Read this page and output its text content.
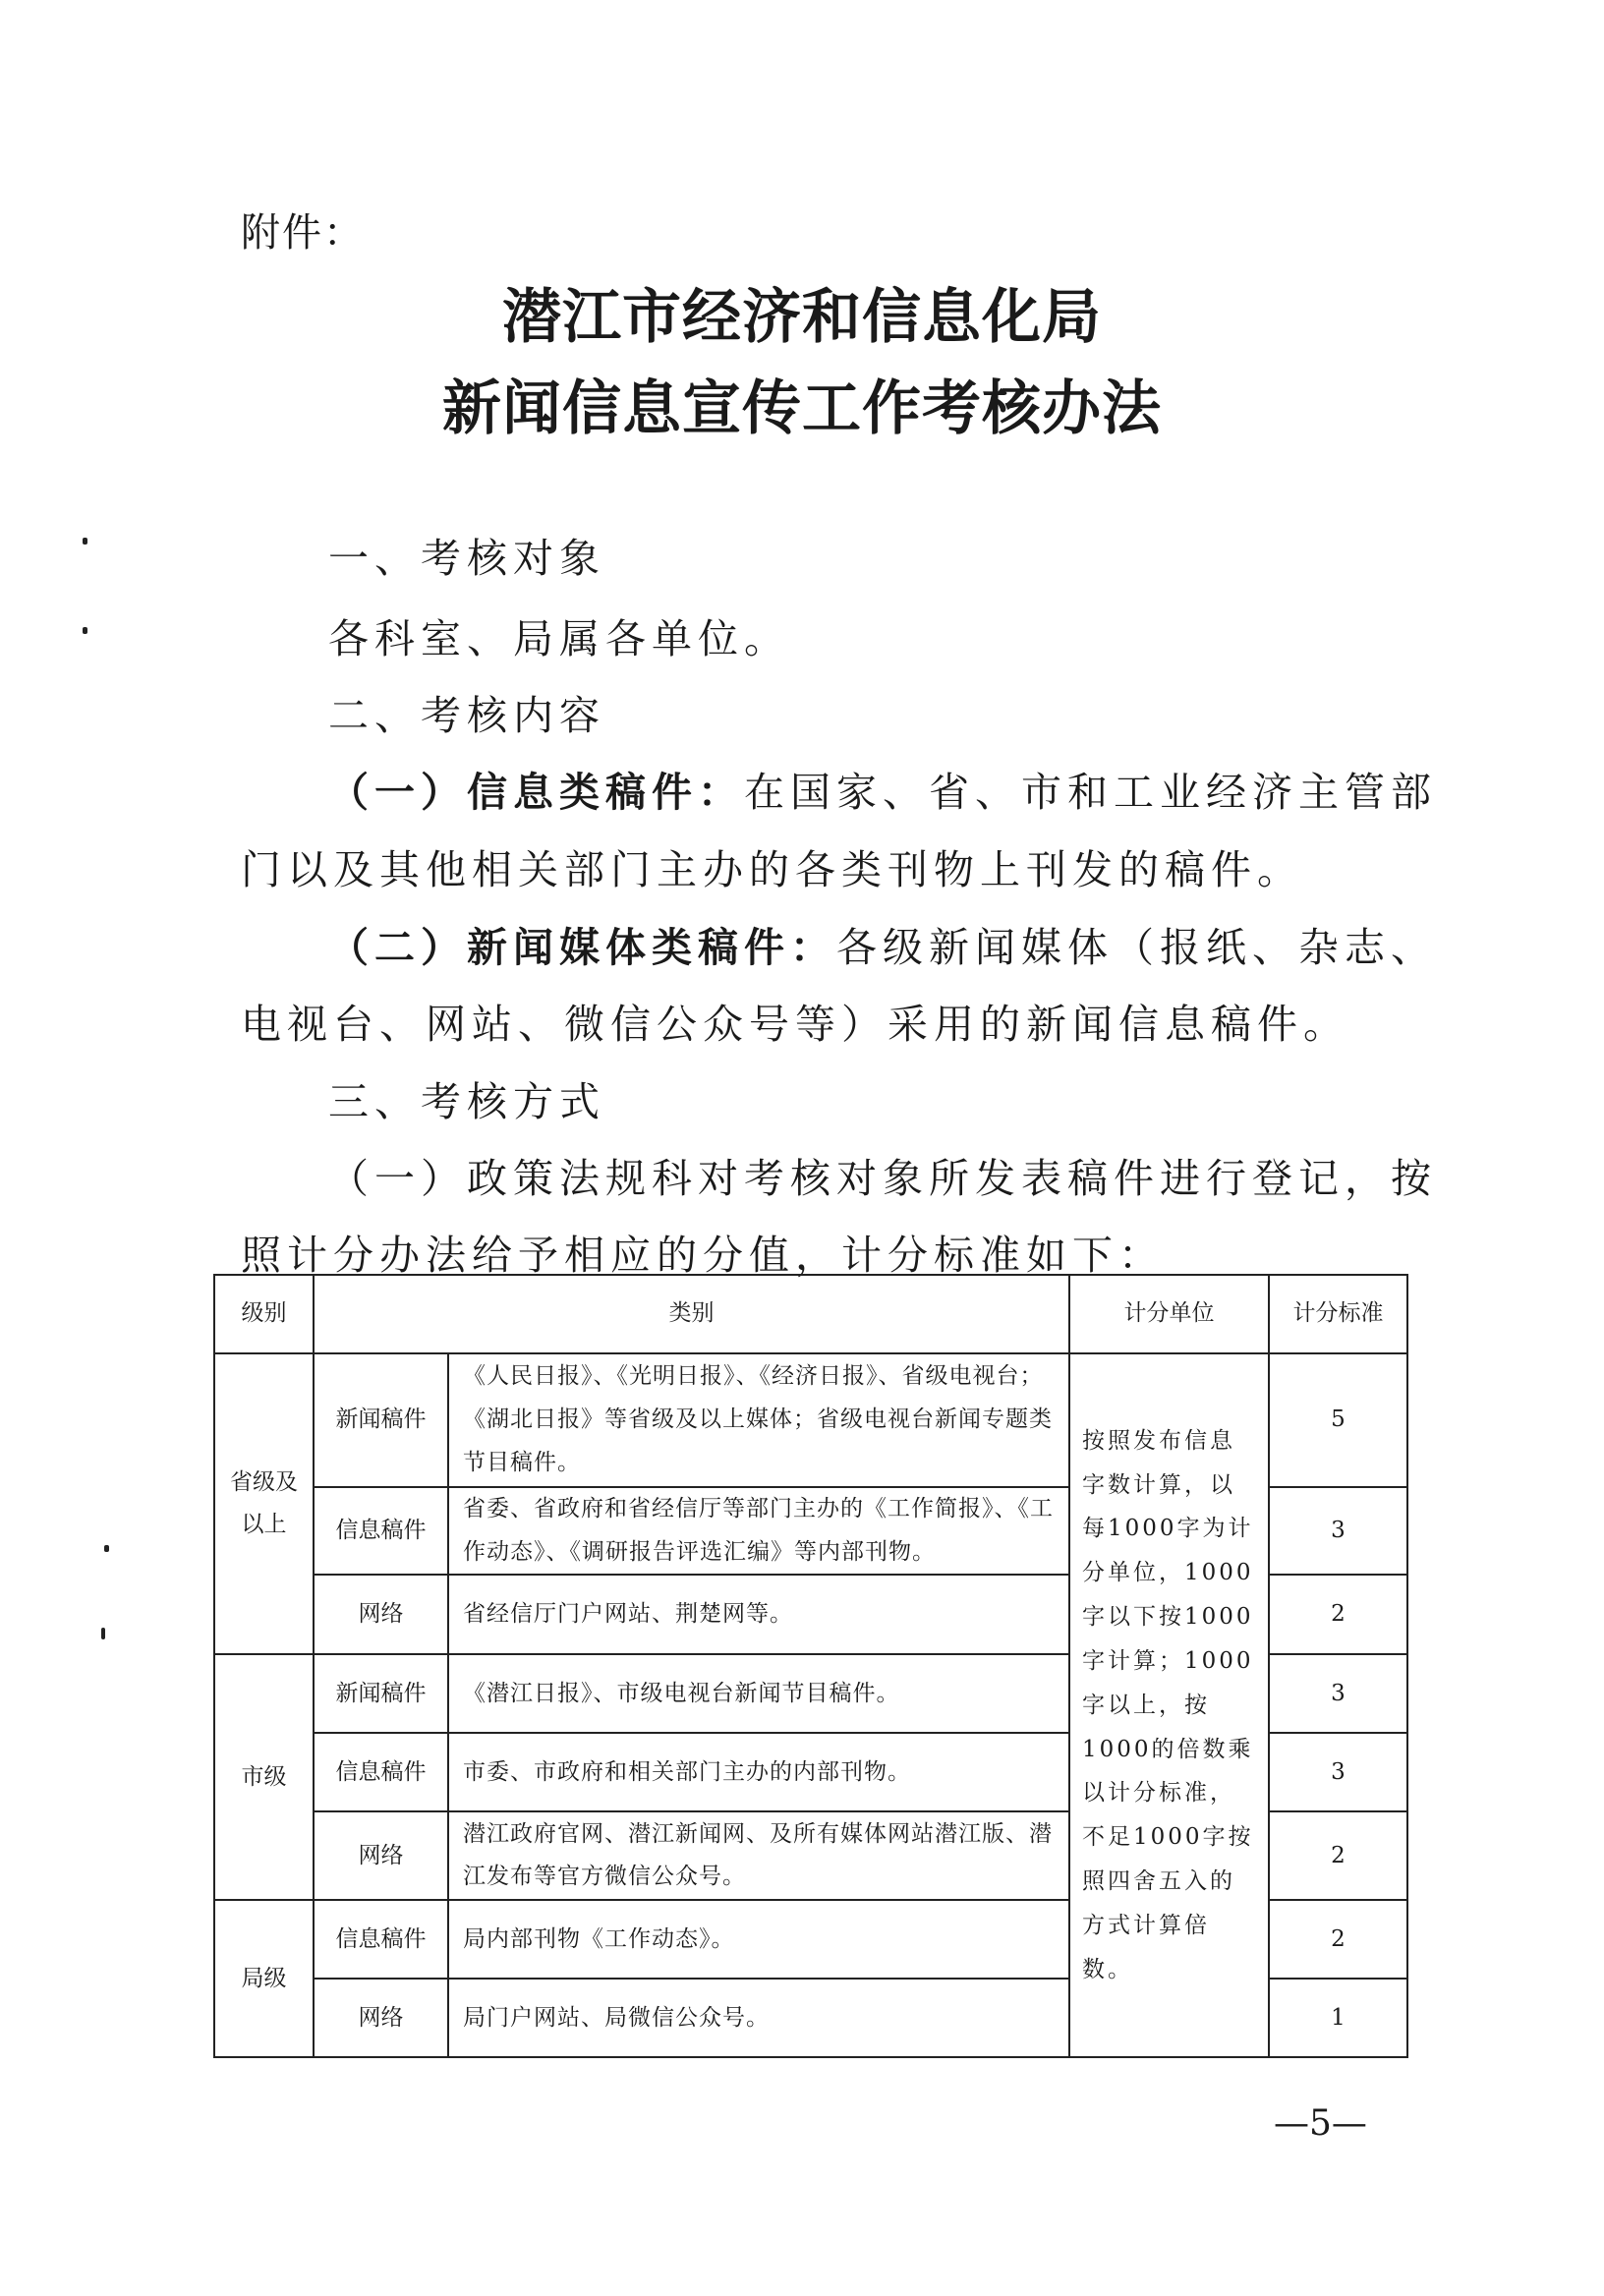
附件：
潜江市经济和信息化局
新闻信息宣传工作考核办法
一、考核对象
各科室、局属各单位。
二、考核内容
（一）信息类稿件：在国家、省、市和工业经济主管部
门以及其他相关部门主办的各类刊物上刊发的稿件。
（二）新闻媒体类稿件：各级新闻媒体（报纸、杂志、
电视台、网站、微信公众号等）采用的新闻信息稿件。
三、考核方式
（一）政策法规科对考核对象所发表稿件进行登记，按
照计分办法给予相应的分值，计分标准如下：
级别	类别		计分单位	计分标准
省级及以上	新闻稿件	《人民日报》、《光明日报》、《经济日报》、省级电视台；《湖北日报》等省级及以上媒体；省级电视台新闻专题类节目稿件。	按照发布信息字数计算，以每1000字为计分单位，1000字以下按1000字计算；1000字以上，按1000的倍数乘以计分标准，不足1000字按照四舍五入的方式计算倍数。	5
	信息稿件	省委、省政府和省经信厅等部门主办的《工作简报》、《工作动态》、《调研报告评选汇编》等内部刊物。		3
	网络	省经信厅门户网站、荆楚网等。		2
市级	新闻稿件	《潜江日报》、市级电视台新闻节目稿件。		3
	信息稿件	市委、市政府和相关部门主办的内部刊物。		3
	网络	潜江政府官网、潜江新闻网、及所有媒体网站潜江版、潜江发布等官方微信公众号。		2
局级	信息稿件	局内部刊物《工作动态》。		2
	网络	局门户网站、局微信公众号。		1
—5—
